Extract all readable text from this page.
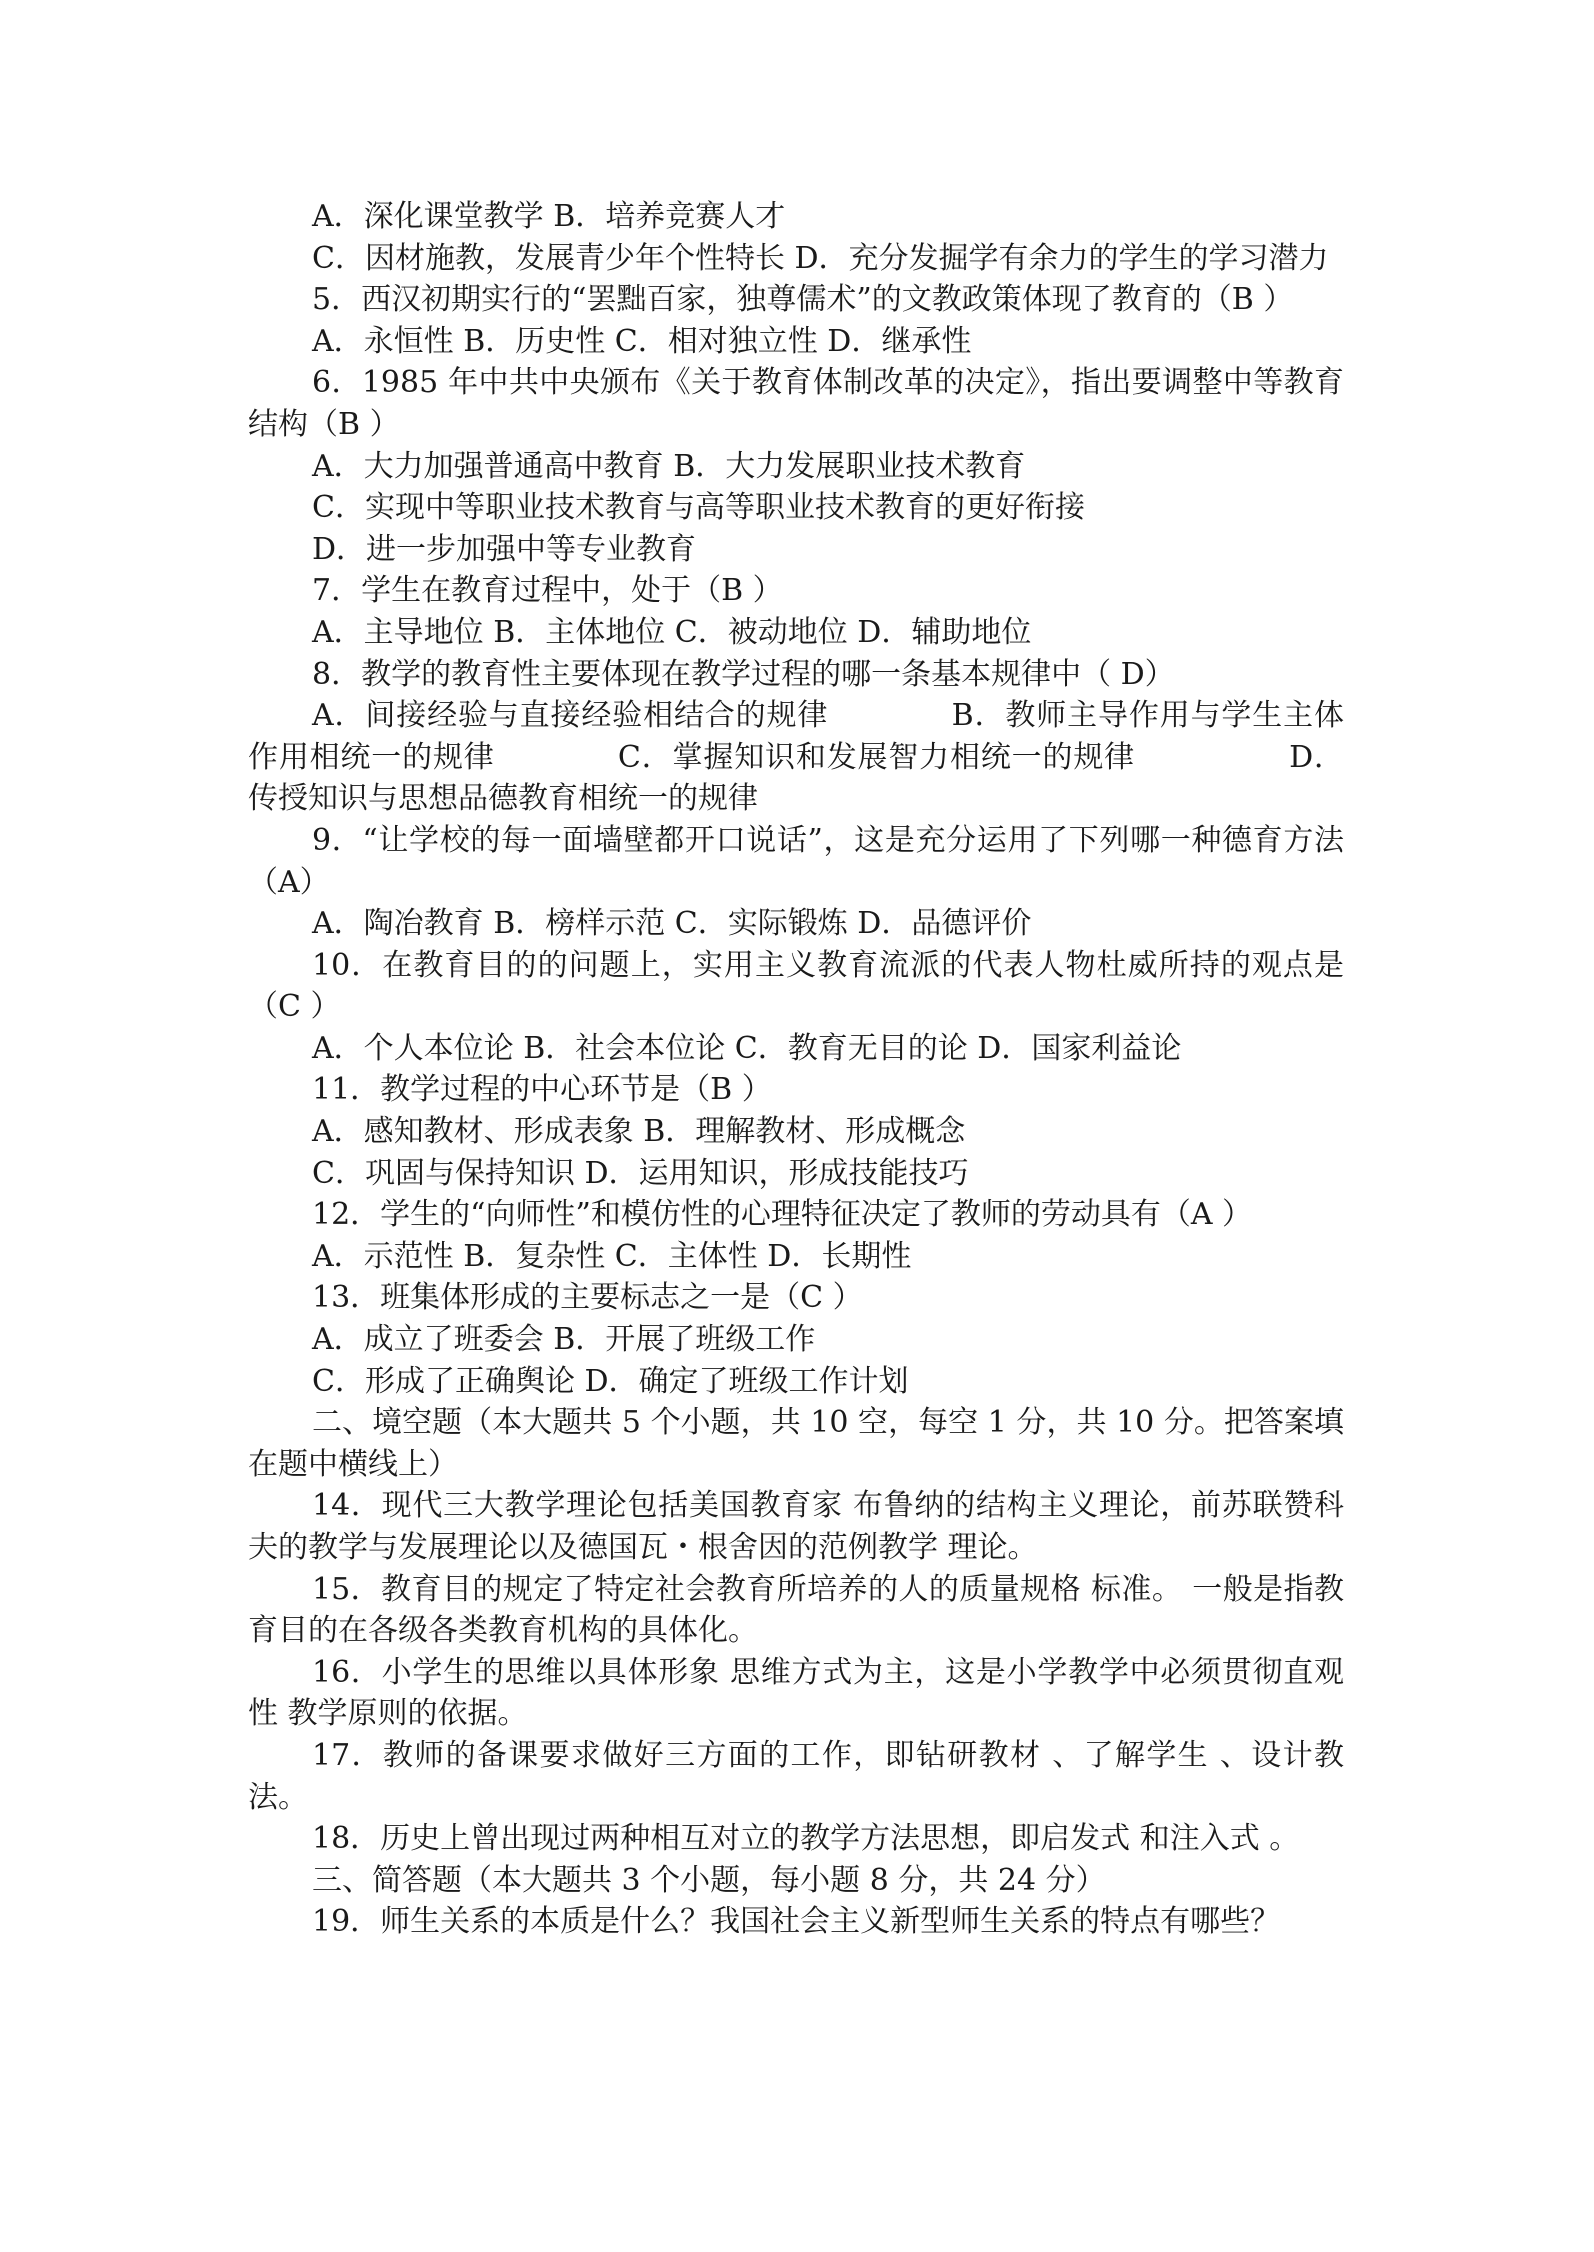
A．深化课堂教学 B．培养竞赛人才

C．因材施教，发展青少年个性特长 D．充分发掘学有余力的学生的学习潜力

5．西汉初期实行的“罢黜百家，独尊儒术”的文教政策体现了教育的（B ）

A．永恒性 B．历史性 C．相对独立性 D．继承性

6．1985 年中共中央颁布《关于教育体制改革的决定》，指出要调整中等教育结构（B ）

A．大力加强普通高中教育 B．大力发展职业技术教育

C．实现中等职业技术教育与高等职业技术教育的更好衔接

D．进一步加强中等专业教育

7．学生在教育过程中，处于（B ）

A．主导地位 B．主体地位 C．被动地位 D．辅助地位

8．教学的教育性主要体现在教学过程的哪一条基本规律中（ D）

A．间接经验与直接经验相结合的规律　　　　B．教师主导作用与学生主体作用相统一的规律　　　　C．掌握知识和发展智力相统一的规律　　　　　D．传授知识与思想品德教育相统一的规律

9．“让学校的每一面墙壁都开口说话”，这是充分运用了下列哪一种德育方法（A）

A．陶冶教育 B．榜样示范 C．实际锻炼 D．品德评价

10．在教育目的的问题上，实用主义教育流派的代表人物杜威所持的观点是（C ）

A．个人本位论 B．社会本位论 C．教育无目的论 D．国家利益论

11．教学过程的中心环节是（B ）

A．感知教材、形成表象 B．理解教材、形成概念

C．巩固与保持知识 D．运用知识，形成技能技巧

12．学生的“向师性”和模仿性的心理特征决定了教师的劳动具有（A ）

A．示范性 B．复杂性 C．主体性 D．长期性

13．班集体形成的主要标志之一是（C ）

A．成立了班委会 B．开展了班级工作

C．形成了正确舆论 D．确定了班级工作计划

二、境空题（本大题共 5 个小题，共 10 空，每空 1 分，共 10 分。把答案填在题中横线上）

14．现代三大教学理论包括美国教育家 布鲁纳的结构主义理论，前苏联赞科夫的教学与发展理论以及德国瓦・根舍因的范例教学 理论。

15．教育目的规定了特定社会教育所培养的人的质量规格 标准。 一般是指教育目的在各级各类教育机构的具体化。

16．小学生的思维以具体形象 思维方式为主，这是小学教学中必须贯彻直观性 教学原则的依据。

17．教师的备课要求做好三方面的工作，即钻研教材 、了解学生 、设计教法。

18．历史上曾出现过两种相互对立的教学方法思想，即启发式 和注入式 。

三、简答题（本大题共 3 个小题，每小题 8 分，共 24 分）

19．师生关系的本质是什么？我国社会主义新型师生关系的特点有哪些？
